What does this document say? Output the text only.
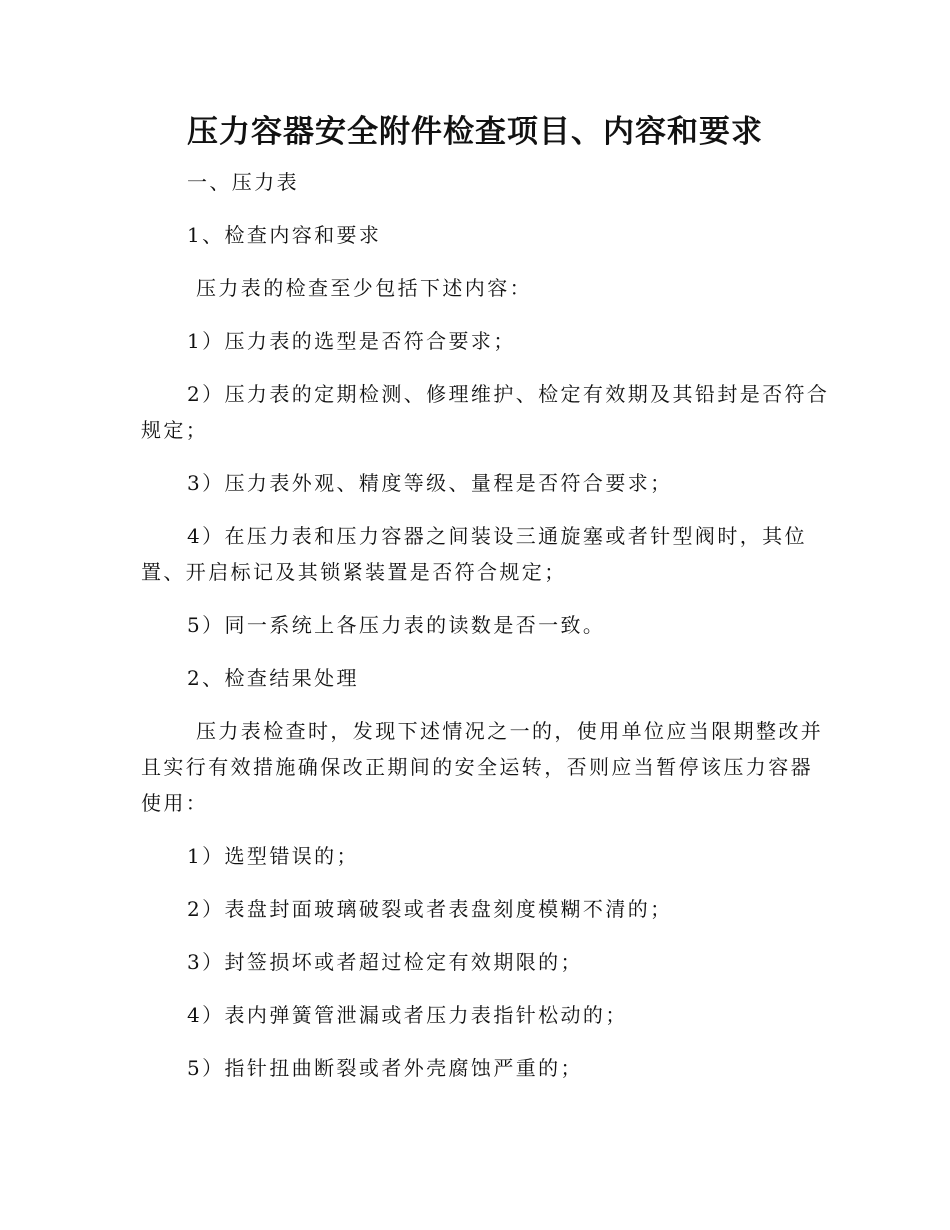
压力容器安全附件检查项目、内容和要求
一、压力表
1、检查内容和要求
压力表的检查至少包括下述内容：
1）压力表的选型是否符合要求；
2）压力表的定期检测、修理维护、检定有效期及其铅封是否符合
规定；
3）压力表外观、精度等级、量程是否符合要求；
4）在压力表和压力容器之间装设三通旋塞或者针型阀时，其位
置、开启标记及其锁紧装置是否符合规定；
5）同一系统上各压力表的读数是否一致。
2、检查结果处理
压力表检查时，发现下述情况之一的，使用单位应当限期整改并
且实行有效措施确保改正期间的安全运转，否则应当暂停该压力容器
使用：
1）选型错误的；
2）表盘封面玻璃破裂或者表盘刻度模糊不清的；
3）封签损坏或者超过检定有效期限的；
4）表内弹簧管泄漏或者压力表指针松动的；
5）指针扭曲断裂或者外壳腐蚀严重的；
